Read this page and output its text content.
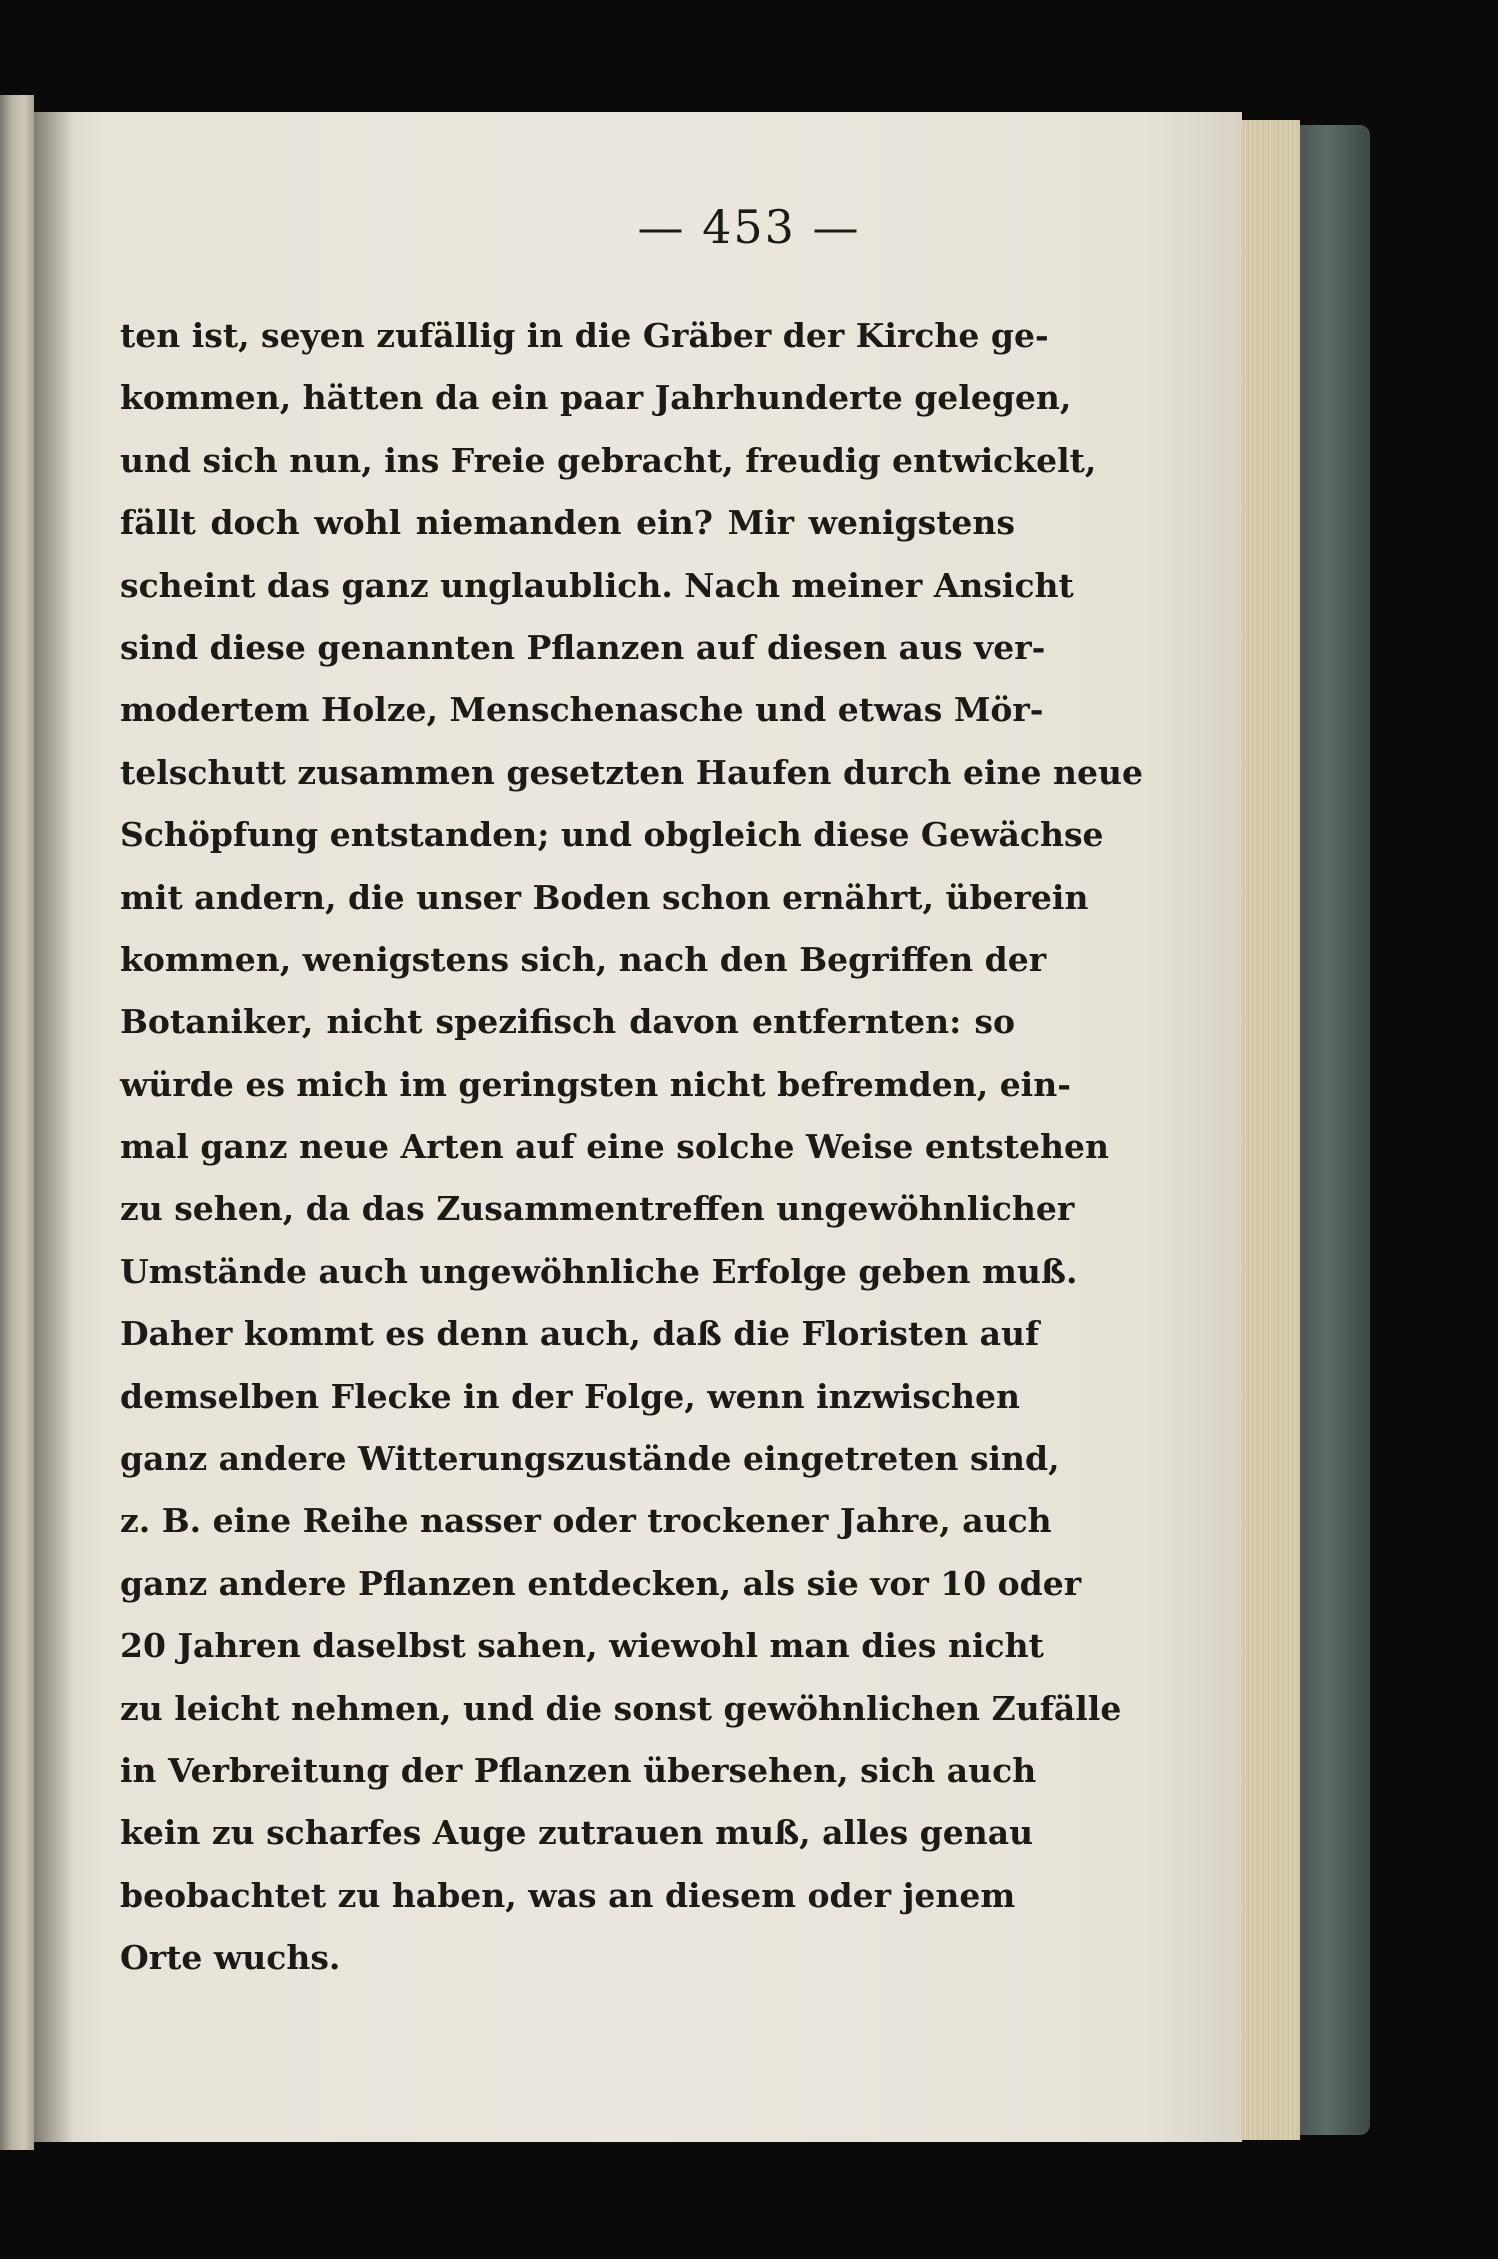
— 453 —
ten ist, seyen zufällig in die Gräber der Kirche ge-
kommen, hätten da ein paar Jahrhunderte gelegen,
und sich nun, ins Freie gebracht, freudig entwickelt,
fällt doch wohl niemanden ein? Mir wenigstens
scheint das ganz unglaublich. Nach meiner Ansicht
sind diese genannten Pflanzen auf diesen aus ver-
modertem Holze, Menschenasche und etwas Mör-
telschutt zusammen gesetzten Haufen durch eine neue
Schöpfung entstanden; und obgleich diese Gewächse
mit andern, die unser Boden schon ernährt, überein
kommen, wenigstens sich, nach den Begriffen der
Botaniker, nicht spezifisch davon entfernten: so
würde es mich im geringsten nicht befremden, ein-
mal ganz neue Arten auf eine solche Weise entstehen
zu sehen, da das Zusammentreffen ungewöhnlicher
Umstände auch ungewöhnliche Erfolge geben muß.
Daher kommt es denn auch, daß die Floristen auf
demselben Flecke in der Folge, wenn inzwischen
ganz andere Witterungszustände eingetreten sind,
z. B. eine Reihe nasser oder trockener Jahre, auch
ganz andere Pflanzen entdecken, als sie vor 10 oder
20 Jahren daselbst sahen, wiewohl man dies nicht
zu leicht nehmen, und die sonst gewöhnlichen Zufälle
in Verbreitung der Pflanzen übersehen, sich auch
kein zu scharfes Auge zutrauen muß, alles genau
beobachtet zu haben, was an diesem oder jenem
Orte wuchs.
